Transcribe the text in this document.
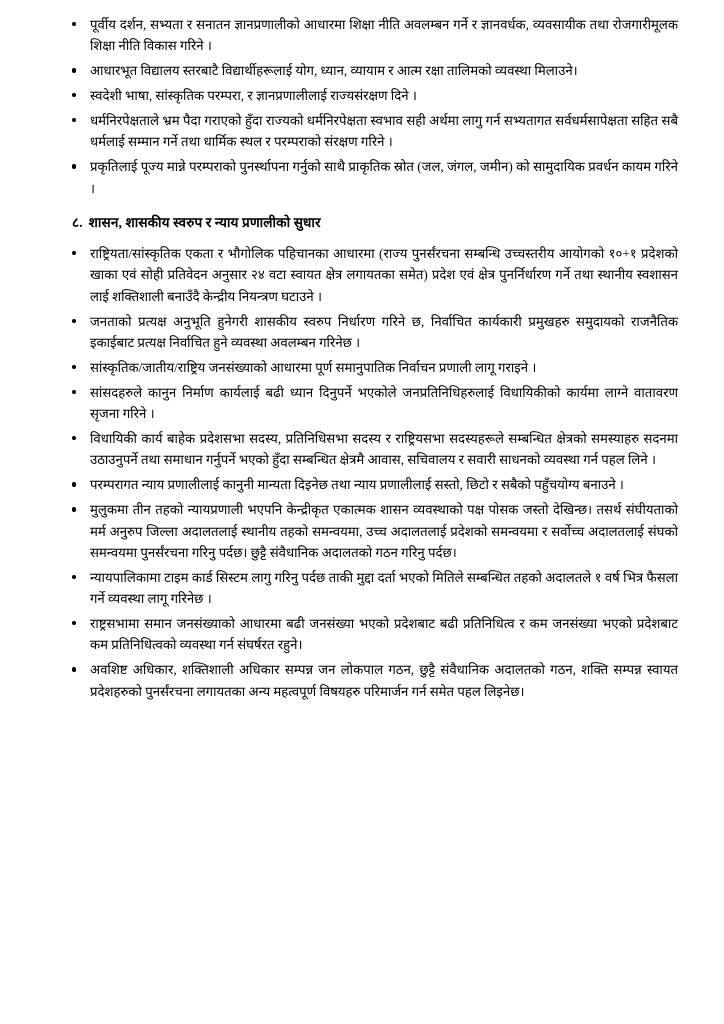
पूर्वीय दर्शन, सभ्यता र सनातन ज्ञानप्रणालीको आधारमा शिक्षा नीति अवलम्बन गर्ने र ज्ञानवर्धक, व्यवसायीक तथा रोजगारीमूलक शिक्षा नीति विकास गरिने ।
आधारभूत विद्यालय स्तरबाटै विद्यार्थीहरूलाई योग, ध्यान, व्यायाम र आत्म रक्षा तालिमको व्यवस्था मिलाउने।
स्वदेशी भाषा, सांस्कृतिक परम्परा, र ज्ञानप्रणालीलाई राज्यसंरक्षण दिने ।
धर्मनिरपेक्षताले भ्रम पैदा गराएको हुँदा राज्यको धर्मनिरपेक्षता स्वभाव सही अर्थमा लागु गर्न सभ्यतागत सर्वधर्मसापेक्षता सहित सबै धर्मलाई सम्मान गर्ने तथा धार्मिक स्थल र परम्पराको संरक्षण गरिने ।
प्रकृतिलाई पूज्य मान्ने परम्पराको पुनर्स्थापना गर्नुको साथै प्राकृतिक स्रोत (जल, जंगल, जमीन) को सामुदायिक प्रवर्धन कायम गरिने ।
८. शासन, शासकीय स्वरुप र न्याय प्रणालीको सुधार
राष्ट्रियता/सांस्कृतिक एकता र भौगोलिक पहिचानका आधारमा (राज्य पुनर्संरचना सम्बन्धि उच्चस्तरीय आयोगको १०+१ प्रदेशको खाका एवं सोही प्रतिवेदन अनुसार २४ वटा स्वायत क्षेत्र लगायतका समेत) प्रदेश एवं क्षेत्र पुनर्निर्धारण गर्ने तथा स्थानीय स्वशासन लाई शक्तिशाली बनाउँदै केन्द्रीय नियन्त्रण घटाउने ।
जनताको प्रत्यक्ष अनुभूति हुनेगरी शासकीय स्वरुप निर्धारण गरिने छ, निर्वाचित कार्यकारी प्रमुखहरु समुदायको राजनैतिक इकाईबाट प्रत्यक्ष निर्वाचित हुने व्यवस्था अवलम्बन गरिनेछ ।
सांस्कृतिक/जातीय/राष्ट्रिय जनसंख्याको आधारमा पूर्ण समानुपातिक निर्वाचन प्रणाली लागू गराइने ।
सांसदहरुले कानुन निर्माण कार्यलाई बढी ध्यान दिनुपर्ने भएकोले जनप्रतिनिधिहरुलाई विधायिकीको कार्यमा लाग्ने वातावरण सृजना गरिने ।
विधायिकी कार्य बाहेक प्रदेशसभा सदस्य, प्रतिनिधिसभा सदस्य र राष्ट्रियसभा सदस्यहरूले सम्बन्धित क्षेत्रको समस्याहरु सदनमा उठाउनुपर्ने तथा समाधान गर्नुपर्ने भएको हुँदा सम्बन्धित क्षेत्रमै आवास, सचिवालय र सवारी साधनको व्यवस्था गर्न पहल लिने ।
परम्परागत न्याय प्रणालीलाई कानुनी मान्यता दिइनेछ तथा न्याय प्रणालीलाई सस्तो, छिटो र सबैको पहुँचयोग्य बनाउने ।
मुलुकमा तीन तहको न्यायप्रणाली भएपनि केन्द्रीकृत एकात्मक शासन व्यवस्थाको पक्ष पोसक जस्तो देखिन्छ। तसर्थ संघीयताको मर्म अनुरुप जिल्ला अदालतलाई स्थानीय तहको समन्वयमा, उच्च अदालतलाई प्रदेशको समन्वयमा र सर्वोच्च अदालतलाई संघको समन्वयमा पुनर्संरचना गरिनु पर्दछ। छुट्टै संवैधानिक अदालतको गठन गरिनु पर्दछ।
न्यायपालिकामा टाइम कार्ड सिस्टम लागु गरिनु पर्दछ ताकी मुद्दा दर्ता भएको मितिले सम्बन्धित तहको अदालतले १ वर्ष भित्र फैसला गर्ने व्यवस्था लागू गरिनेछ ।
राष्ट्रसभामा समान जनसंख्याको आधारमा बढी जनसंख्या भएको प्रदेशबाट बढी प्रतिनिधित्व र कम जनसंख्या भएको प्रदेशबाट कम प्रतिनिधित्वको व्यवस्था गर्न संघर्षरत रहुने।
अवशिष्ट अधिकार, शक्तिशाली अधिकार सम्पन्न जन लोकपाल गठन, छुट्टै संवैधानिक अदालतको गठन, शक्ति सम्पन्न स्वायत प्रदेशहरुको पुनर्संरचना लगायतका अन्य महत्वपूर्ण विषयहरु परिमार्जन गर्न समेत पहल लिइनेछ।
